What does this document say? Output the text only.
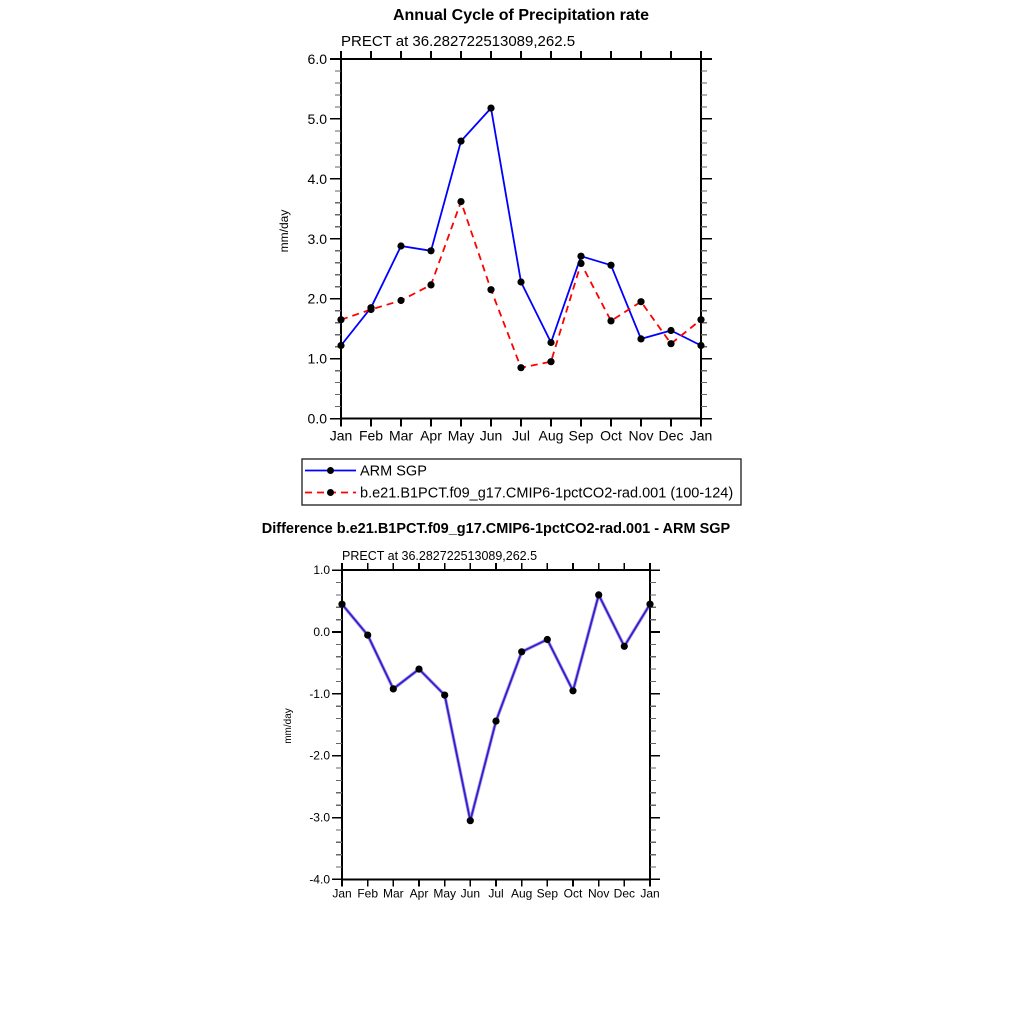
Annual Cycle of Precipitation rate
PRECT at 36.282722513089,262.5
mm/day
Jan Feb Mar Apr May Jun Jul Aug Sep Oct Nov Dec Jan
0.0
1.0
2.0
3.0
4.0
5.0
6.0
ARM SGP
b.e21.B1PCT.f09_g17.CMIP6-1pctCO2-rad.001 (100-124)
Difference b.e21.B1PCT.f09_g17.CMIP6-1pctCO2-rad.001 - ARM SGP
PRECT at 36.282722513089,262.5
mm/day
Jan Feb Mar Apr May Jun Jul Aug Sep Oct Nov Dec Jan
-4.0
-3.0
-2.0
-1.0
0.0
1.0
